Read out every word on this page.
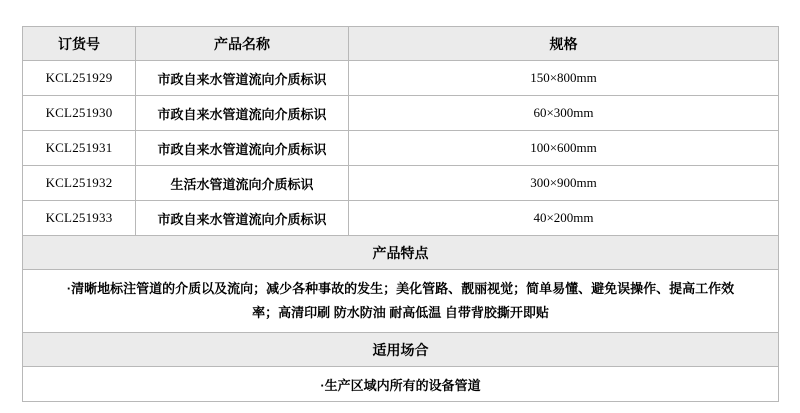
订货号	产品名称	规格
KCL251929	市政自来水管道流向介质标识	150×800mm
KCL251930	市政自来水管道流向介质标识	60×300mm
KCL251931	市政自来水管道流向介质标识	100×600mm
KCL251932	生活水管道流向介质标识	300×900mm
KCL251933	市政自来水管道流向介质标识	40×200mm
产品特点		

·清晰地标注管道的介质以及流向；减少各种事故的发生；美化管路、靓丽视觉；简单易懂、避免误操作、提高工作效
率；高清印刷 防水防油 耐高低温 自带背胶撕开即贴		

适用场合		
·生产区域内所有的设备管道		
